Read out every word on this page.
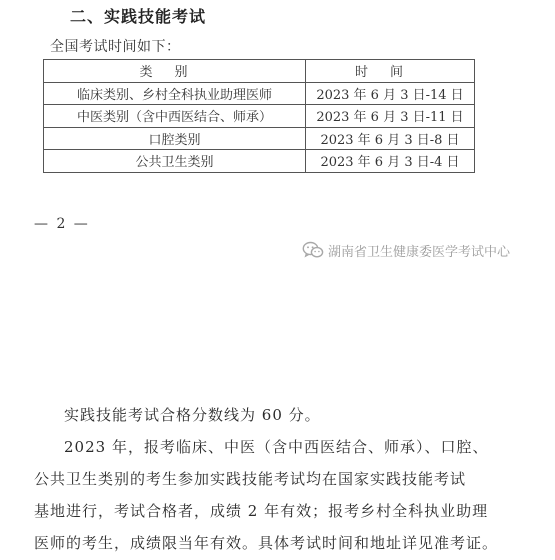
二、实践技能考试
全国考试时间如下：
类别	时间
临床类别、乡村全科执业助理医师	2023 年 6 月 3 日-14 日
中医类别（含中西医结合、师承）	2023 年 6 月 3 日-11 日
口腔类别	2023 年 6 月 3 日-8 日
公共卫生类别	2023 年 6 月 3 日-4 日
— 2 —
湖南省卫生健康委医学考试中心
实践技能考试合格分数线为 60 分。
2023 年，报考临床、中医（含中西医结合、师承）、口腔、
公共卫生类别的考生参加实践技能考试均在国家实践技能考试
基地进行，考试合格者，成绩 2 年有效；报考乡村全科执业助理
医师的考生，成绩限当年有效。具体考试时间和地址详见准考证。
